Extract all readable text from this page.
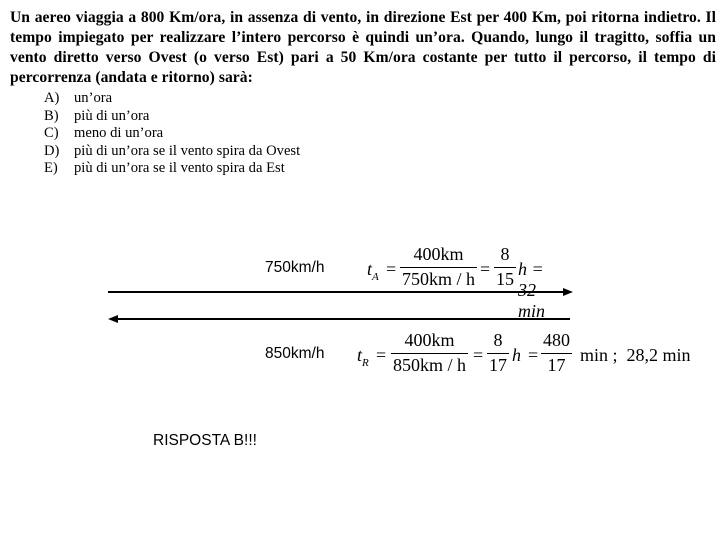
Un aereo viaggia a 800 Km/ora, in assenza di vento, in direzione Est per 400 Km, poi ritorna indietro. Il tempo impiegato per realizzare l’intero percorso è quindi un’ora. Quando, lungo il tragitto, soffia un vento diretto verso Ovest (o verso Est) pari a 50 Km/ora costante per tutto il percorso, il tempo di percorrenza (andata e ritorno) sarà:
A) un’ora
B)	più di un’ora
C)	meno di un’ora
D) più di un’ora se il vento spira da Ovest
E)	più di un’ora se il vento spira da Est
750km/h
850km/h
$t_A$ =
400km
750km / h =
8
15 h = 32 min
$t_R$ =
400km
850km / h =
8
17 h =
480
17 min ;  28,2 min
RISPOSTA B!!!
